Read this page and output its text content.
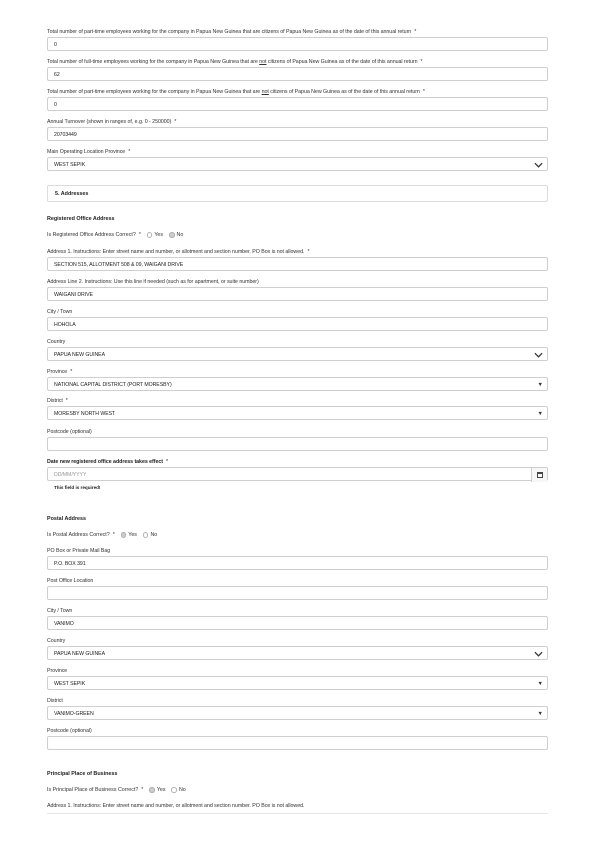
Total number of part-time employees working for the company in Papua New Guinea that are citizens of Papua New Guinea as of the date of this annual return *
0
Total number of full-time employees working for the company in Papua New Guinea that are not citizens of Papua New Guinea as of the date of this annual return *
62
Total number of part-time employees working for the company in Papua New Guinea that are not citizens of Papua New Guinea as of the date of this annual return *
0
Annual Turnover (shown in ranges of, e.g. 0 - 250000) *
20703449
Main Operating Location Province *
WEST SEPIK
5. Addresses
Registered Office Address
Is Registered Office Address Correct? *	Yes	No
Address 1. Instructions: Enter street name and number, or allotment and section number. PO Box is not allowed. *
SECTION 515, ALLOTMENT 508 & 09, WAIGANI DRIVE
Address Line 2. Instructions: Use this line if needed (such as for apartment, or suite number)
WAIGANI DRIVE
City / Town
HOHOLA
Country
PAPUA NEW GUINEA
Province *
NATIONAL CAPITAL DISTRICT (PORT MORESBY)	▼
District *
MORESBY NORTH WEST	▼
Postcode (optional)
Date new registered office address takes effect *
DD/MM/YYYY
This field is required!
Postal Address
Is Postal Address Correct? *	Yes	No
PO Box or Private Mail Bag
P.O. BOX 391
Post Office Location
City / Town
VANIMO
Country
PAPUA NEW GUINEA
Province
WEST SEPIK	▼
District
VANIMO-GREEN	▼
Postcode (optional)
Principal Place of Business
Is Principal Place of Business Correct? *	Yes	No
Address 1. Instructions: Enter street name and number, or allotment and section number. PO Box is not allowed.
